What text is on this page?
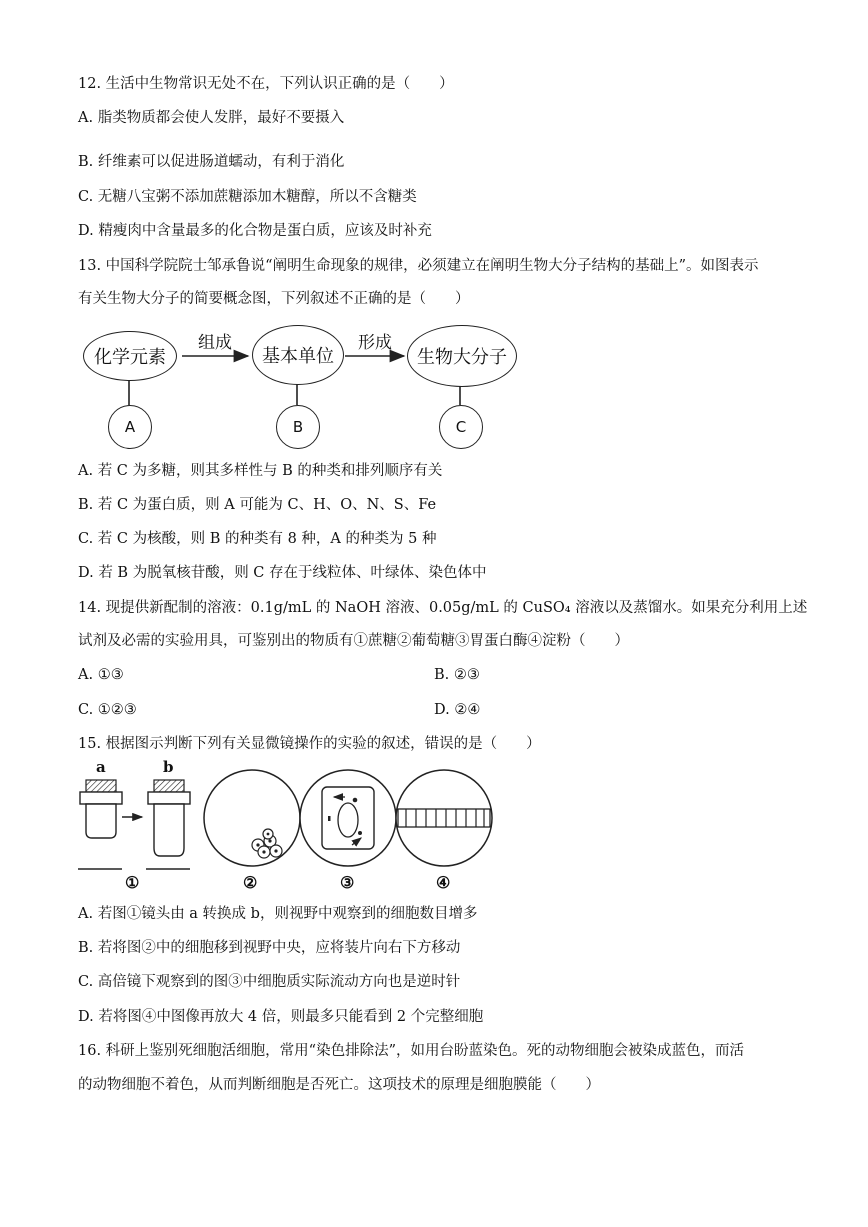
12. 生活中生物常识无处不在，下列认识正确的是（　　）
A. 脂类物质都会使人发胖，最好不要摄入
B. 纤维素可以促进肠道蠕动，有利于消化
C. 无糖八宝粥不添加蔗糖添加木糖醇，所以不含糖类
D. 精瘦肉中含量最多的化合物是蛋白质，应该及时补充
13. 中国科学院院士邹承鲁说“阐明生命现象的规律，必须建立在阐明生物大分子结构的基础上”。如图表示
有关生物大分子的简要概念图，下列叙述不正确的是（　　）
化学元素	基本单位	生物大分子
组成	形成
A	B	C
A. 若 C 为多糖，则其多样性与 B 的种类和排列顺序有关
B. 若 C 为蛋白质，则 A 可能为 C、H、O、N、S、Fe
C. 若 C 为核酸，则 B 的种类有 8 种，A 的种类为 5 种
D. 若 B 为脱氧核苷酸，则 C 存在于线粒体、叶绿体、染色体中
14. 现提供新配制的溶液：0.1g/mL 的 NaOH 溶液、0.05g/mL 的 CuSO₄ 溶液以及蒸馏水。如果充分利用上述
试剂及必需的实验用具，可鉴别出的物质有①蔗糖②葡萄糖③胃蛋白酶④淀粉（　　）
A. ①③	B. ②③
C. ①②③	D. ②④
15. 根据图示判断下列有关显微镜操作的实验的叙述，错误的是（　　）
a	b
①	②	③	④
A. 若图①镜头由 a 转换成 b，则视野中观察到的细胞数目增多
B. 若将图②中的细胞移到视野中央，应将装片向右下方移动
C. 高倍镜下观察到的图③中细胞质实际流动方向也是逆时针
D. 若将图④中图像再放大 4 倍，则最多只能看到 2 个完整细胞
16. 科研上鉴别死细胞活细胞，常用“染色排除法”，如用台盼蓝染色。死的动物细胞会被染成蓝色，而活
的动物细胞不着色，从而判断细胞是否死亡。这项技术的原理是细胞膜能（　　）
